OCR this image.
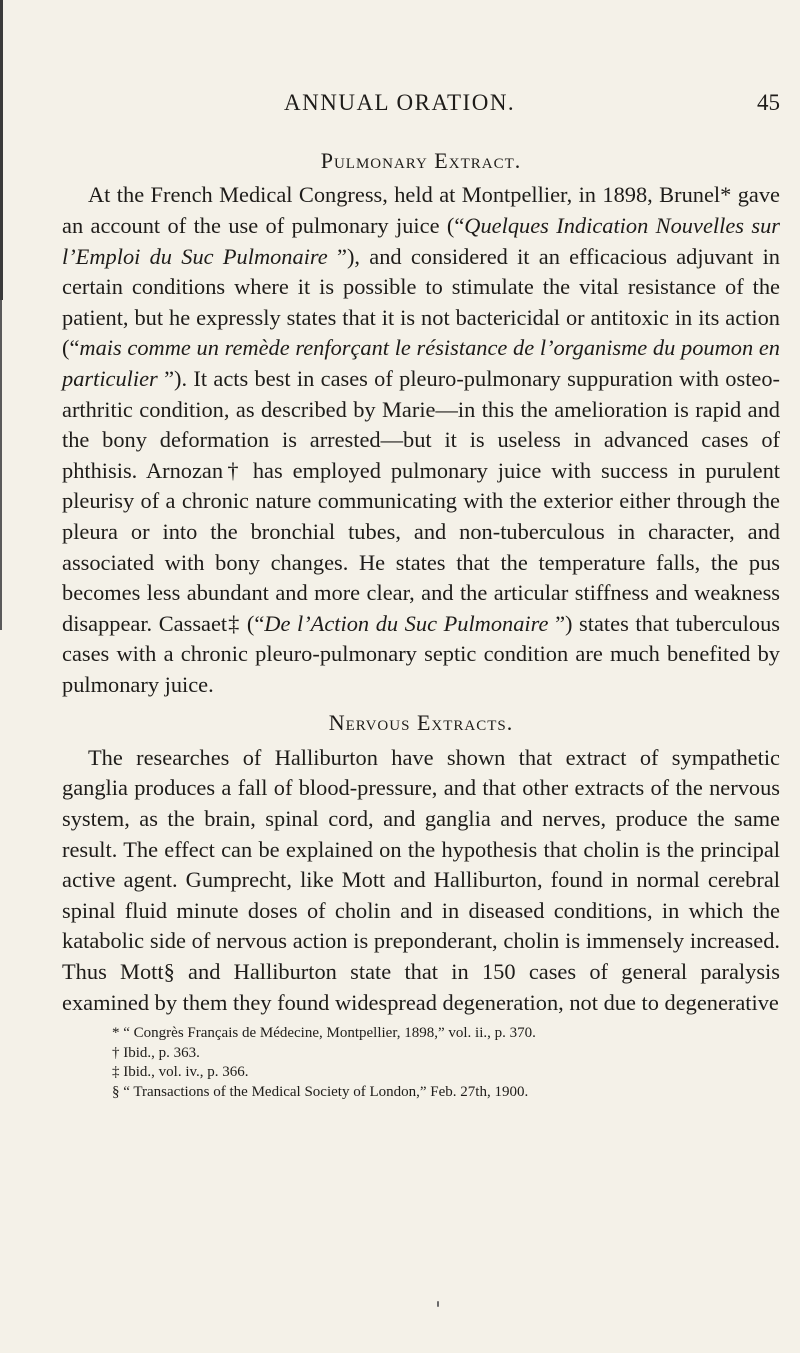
ANNUAL ORATION.	45
Pulmonary Extract.

At the French Medical Congress, held at Montpellier, in 1898, Brunel* gave an account of the use of pulmonary juice (“Quelques Indication Nouvelles sur l’Emploi du Suc Pulmonaire ”), and considered it an efficacious adjuvant in certain conditions where it is possible to stimulate the vital resistance of the patient, but he expressly states that it is not bactericidal or antitoxic in its action (“mais comme un remède renforçant le résistance de l’organisme du poumon en particulier ”). It acts best in cases of pleuro-pulmonary suppuration with osteo-arthritic condition, as described by Marie—in this the amelioration is rapid and the bony deformation is arrested—but it is useless in advanced cases of phthisis. Arnozan† has employed pulmonary juice with success in purulent pleurisy of a chronic nature communicating with the exterior either through the pleura or into the bronchial tubes, and non-tuberculous in character, and associated with bony changes. He states that the temperature falls, the pus becomes less abundant and more clear, and the articular stiffness and weakness disappear. Cassaet‡ (“De l’Action du Suc Pulmonaire ”) states that tuberculous cases with a chronic pleuro-pulmonary septic condition are much benefited by pulmonary juice.

Nervous Extracts.

The researches of Halliburton have shown that extract of sympathetic ganglia produces a fall of blood-pressure, and that other extracts of the nervous system, as the brain, spinal cord, and ganglia and nerves, produce the same result. The effect can be explained on the hypothesis that cholin is the principal active agent. Gumprecht, like Mott and Halliburton, found in normal cerebral spinal fluid minute doses of cholin and in diseased conditions, in which the katabolic side of nervous action is preponderant, cholin is immensely increased. Thus Mott§ and Halliburton state that in 150 cases of general paralysis examined by them they found widespread degeneration, not due to degenerative

* “ Congrès Français de Médecine, Montpellier, 1898,” vol. ii., p. 370.
† Ibid., p. 363.
‡ Ibid., vol. iv., p. 366.
§ “ Transactions of the Medical Society of London,” Feb. 27th, 1900.
